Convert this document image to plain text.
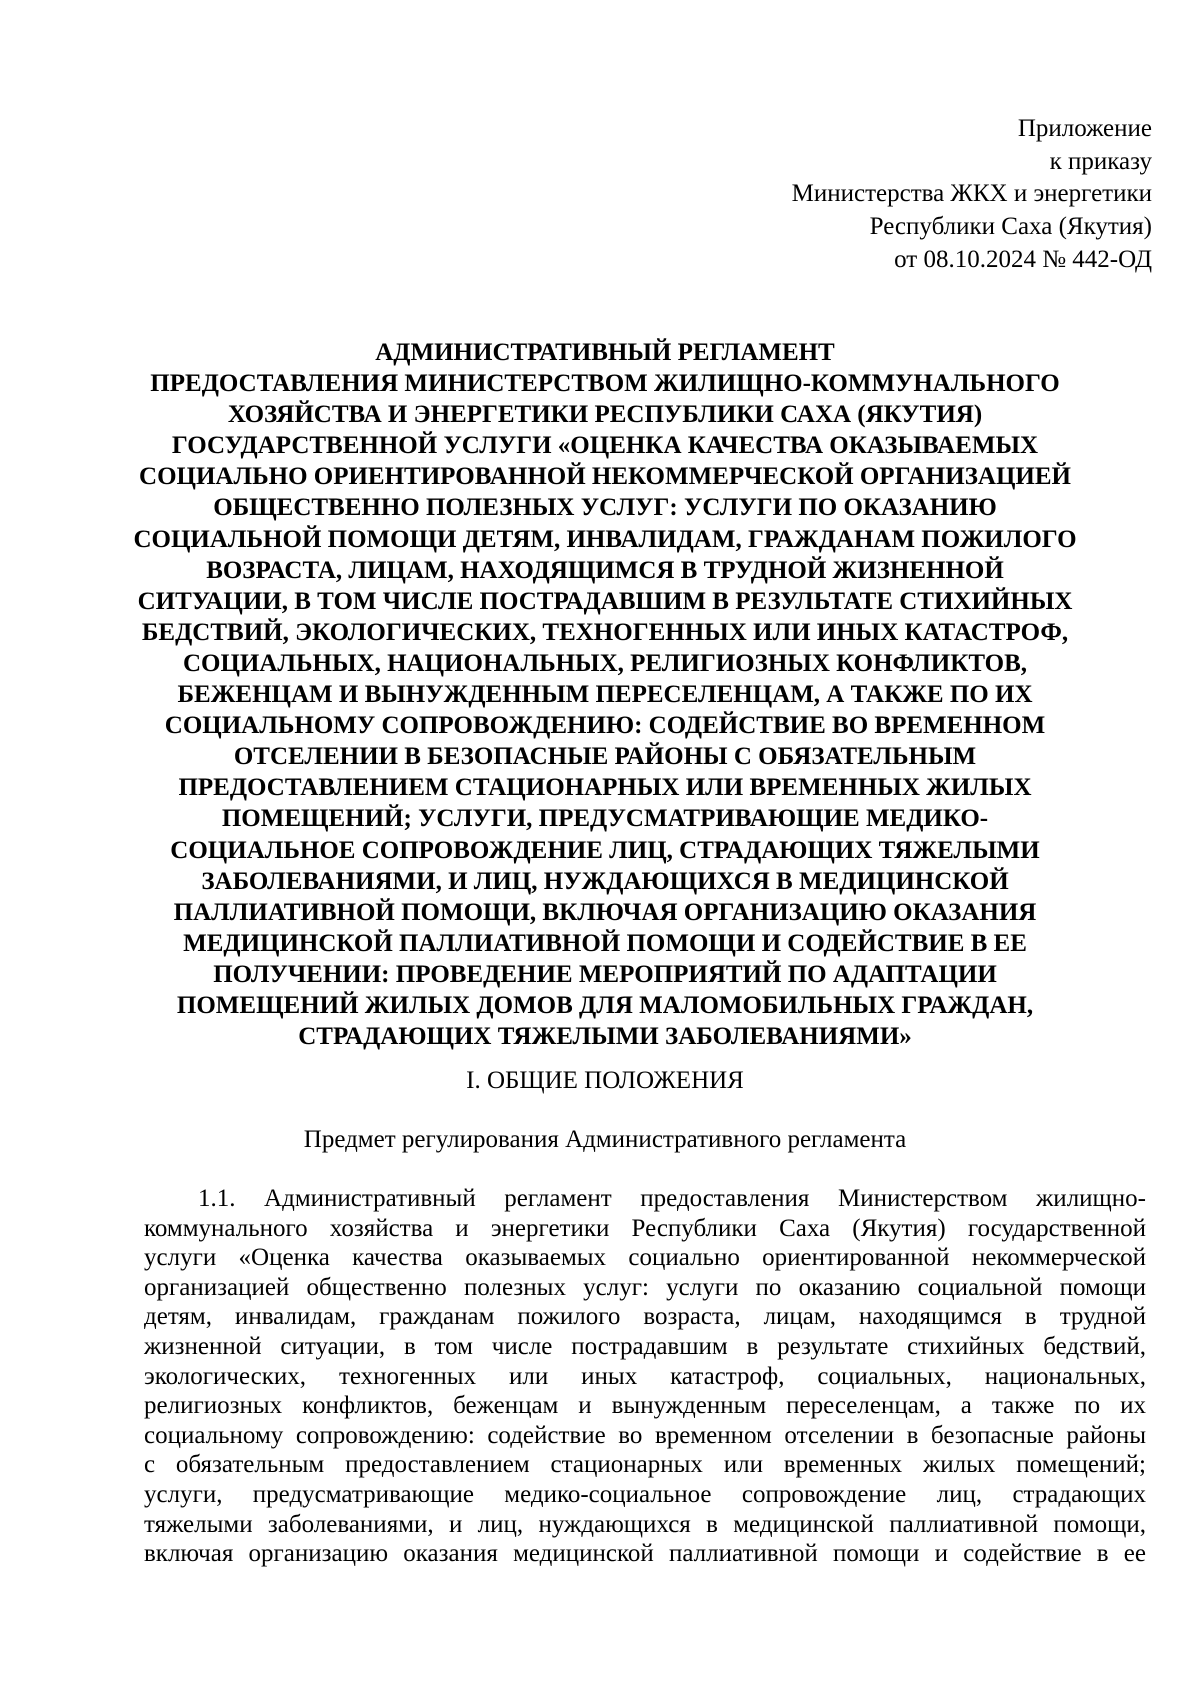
Приложение
к приказу
Министерства ЖКХ и энергетики
Республики Саха (Якутия)
от 08.10.2024 № 442-ОД
АДМИНИСТРАТИВНЫЙ РЕГЛАМЕНТ
ПРЕДОСТАВЛЕНИЯ МИНИСТЕРСТВОМ ЖИЛИЩНО-КОММУНАЛЬНОГО
ХОЗЯЙСТВА И ЭНЕРГЕТИКИ РЕСПУБЛИКИ САХА (ЯКУТИЯ)
ГОСУДАРСТВЕННОЙ УСЛУГИ «ОЦЕНКА КАЧЕСТВА ОКАЗЫВАЕМЫХ
СОЦИАЛЬНО ОРИЕНТИРОВАННОЙ НЕКОММЕРЧЕСКОЙ ОРГАНИЗАЦИЕЙ
ОБЩЕСТВЕННО ПОЛЕЗНЫХ УСЛУГ: УСЛУГИ ПО ОКАЗАНИЮ
СОЦИАЛЬНОЙ ПОМОЩИ ДЕТЯМ, ИНВАЛИДАМ, ГРАЖДАНАМ ПОЖИЛОГО
ВОЗРАСТА, ЛИЦАМ, НАХОДЯЩИМСЯ В ТРУДНОЙ ЖИЗНЕННОЙ
СИТУАЦИИ, В ТОМ ЧИСЛЕ ПОСТРАДАВШИМ В РЕЗУЛЬТАТЕ СТИХИЙНЫХ
БЕДСТВИЙ, ЭКОЛОГИЧЕСКИХ, ТЕХНОГЕННЫХ ИЛИ ИНЫХ КАТАСТРОФ,
СОЦИАЛЬНЫХ, НАЦИОНАЛЬНЫХ, РЕЛИГИОЗНЫХ КОНФЛИКТОВ,
БЕЖЕНЦАМ И ВЫНУЖДЕННЫМ ПЕРЕСЕЛЕНЦАМ, А ТАКЖЕ ПО ИХ
СОЦИАЛЬНОМУ СОПРОВОЖДЕНИЮ: СОДЕЙСТВИЕ ВО ВРЕМЕННОМ
ОТСЕЛЕНИИ В БЕЗОПАСНЫЕ РАЙОНЫ С ОБЯЗАТЕЛЬНЫМ
ПРЕДОСТАВЛЕНИЕМ СТАЦИОНАРНЫХ ИЛИ ВРЕМЕННЫХ ЖИЛЫХ
ПОМЕЩЕНИЙ; УСЛУГИ, ПРЕДУСМАТРИВАЮЩИЕ МЕДИКО-
СОЦИАЛЬНОЕ СОПРОВОЖДЕНИЕ ЛИЦ, СТРАДАЮЩИХ ТЯЖЕЛЫМИ
ЗАБОЛЕВАНИЯМИ, И ЛИЦ, НУЖДАЮЩИХСЯ В МЕДИЦИНСКОЙ
ПАЛЛИАТИВНОЙ ПОМОЩИ, ВКЛЮЧАЯ ОРГАНИЗАЦИЮ ОКАЗАНИЯ
МЕДИЦИНСКОЙ ПАЛЛИАТИВНОЙ ПОМОЩИ И СОДЕЙСТВИЕ В ЕЕ
ПОЛУЧЕНИИ: ПРОВЕДЕНИЕ МЕРОПРИЯТИЙ ПО АДАПТАЦИИ
ПОМЕЩЕНИЙ ЖИЛЫХ ДОМОВ ДЛЯ МАЛОМОБИЛЬНЫХ ГРАЖДАН,
СТРАДАЮЩИХ ТЯЖЕЛЫМИ ЗАБОЛЕВАНИЯМИ»
I. ОБЩИЕ ПОЛОЖЕНИЯ
Предмет регулирования Административного регламента
1.1. Административный регламент предоставления Министерством жилищно-
коммунального хозяйства и энергетики Республики Саха (Якутия) государственной
услуги «Оценка качества оказываемых социально ориентированной некоммерческой
организацией общественно полезных услуг: услуги по оказанию социальной помощи
детям, инвалидам, гражданам пожилого возраста, лицам, находящимся в трудной
жизненной ситуации, в том числе пострадавшим в результате стихийных бедствий,
экологических, техногенных или иных катастроф, социальных, национальных,
религиозных конфликтов, беженцам и вынужденным переселенцам, а также по их
социальному сопровождению: содействие во временном отселении в безопасные районы
с обязательным предоставлением стационарных или временных жилых помещений;
услуги, предусматривающие медико-социальное сопровождение лиц, страдающих
тяжелыми заболеваниями, и лиц, нуждающихся в медицинской паллиативной помощи,
включая организацию оказания медицинской паллиативной помощи и содействие в ее
